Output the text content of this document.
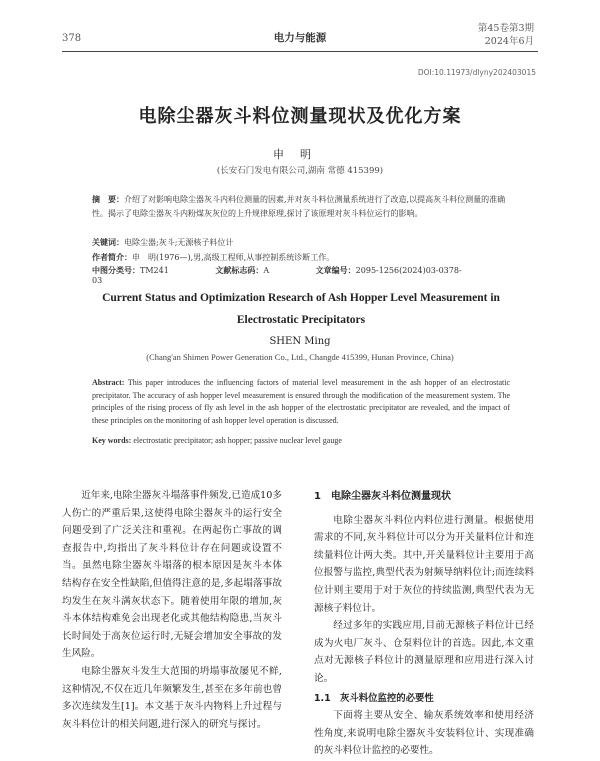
378	电力与能源
第45卷第3期
2024年6月
DOI:10.11973/dlyny202403015
电除尘器灰斗料位测量现状及优化方案
申明
(长安石门发电有限公司,湖南 常德 415399)
摘　要：介绍了对影响电除尘器灰斗内料位测量的因素,并对灰斗料位测量系统进行了改造,以提高灰斗料位测量的准确性。揭示了电除尘器灰斗内粉煤灰灰位的上升规律原理,探讨了该原理对灰斗料位运行的影响。
关键词：电除尘器;灰斗;无源核子料位计
作者简介：申　明(1976—),男,高级工程师,从事控制系统诊断工作。
中图分类号：TM241	文献标志码：A	文章编号：2095-1256(2024)03-0378-03
Current Status and Optimization Research of Ash Hopper Level Measurement in Electrostatic Precipitators
SHEN Ming
(Chang'an Shimen Power Generation Co., Ltd., Changde 415399, Hunan Province, China)
Abstract: This paper introduces the influencing factors of material level measurement in the ash hopper of an electrostatic precipitator. The accuracy of ash hopper level measurement is ensured through the modification of the measurement system. The principles of the rising process of fly ash level in the ash hopper of the electrostatic precipitator are revealed, and the impact of these principles on the monitoring of ash hopper level operation is discussed.
Key words: electrostatic precipitator; ash hopper; passive nuclear level gauge

近年来,电除尘器灰斗塌落事件频发,已造成10多人伤亡的严重后果,这使得电除尘器灰斗的运行安全问题受到了广泛关注和重视。在两起伤亡事故的调查报告中,均指出了灰斗料位计存在问题或设置不当。虽然电除尘器灰斗塌落的根本原因是灰斗本体结构存在安全性缺陷,但值得注意的是,多起塌落事故均发生在灰斗满灰状态下。随着使用年限的增加,灰斗本体结构难免会出现老化或其他结构隐患,当灰斗长时间处于高灰位运行时,无疑会增加安全事故的发生风险。

电除尘器灰斗发生大范围的坍塌事故屡见不鲜,这种情况,不仅在近几年频繁发生,甚至在多年前也曾多次连续发生[1]。本文基于灰斗内物料上升过程与灰斗料位计的相关问题,进行深入的研究与探讨。

1　电除尘器灰斗料位测量现状

电除尘器灰斗料位内料位进行测量。根据使用需求的不同,灰斗料位计可以分为开关量料位计和连续量料位计两大类。其中,开关量料位计主要用于高位报警与监控,典型代表为射频导纳料位计;而连续料位计则主要用于对于灰位的持续监测,典型代表为无源核子料位计。

经过多年的实践应用,目前无源核子料位计已经成为火电厂灰斗、仓泵料位计的首选。因此,本文重点对无源核子料位计的测量原理和应用进行深入讨论。

1.1　灰斗料位监控的必要性

下面将主要从安全、输灰系统效率和使用经济性角度,来说明电除尘器灰斗安装料位计、实现准确的灰斗料位计监控的必要性。
